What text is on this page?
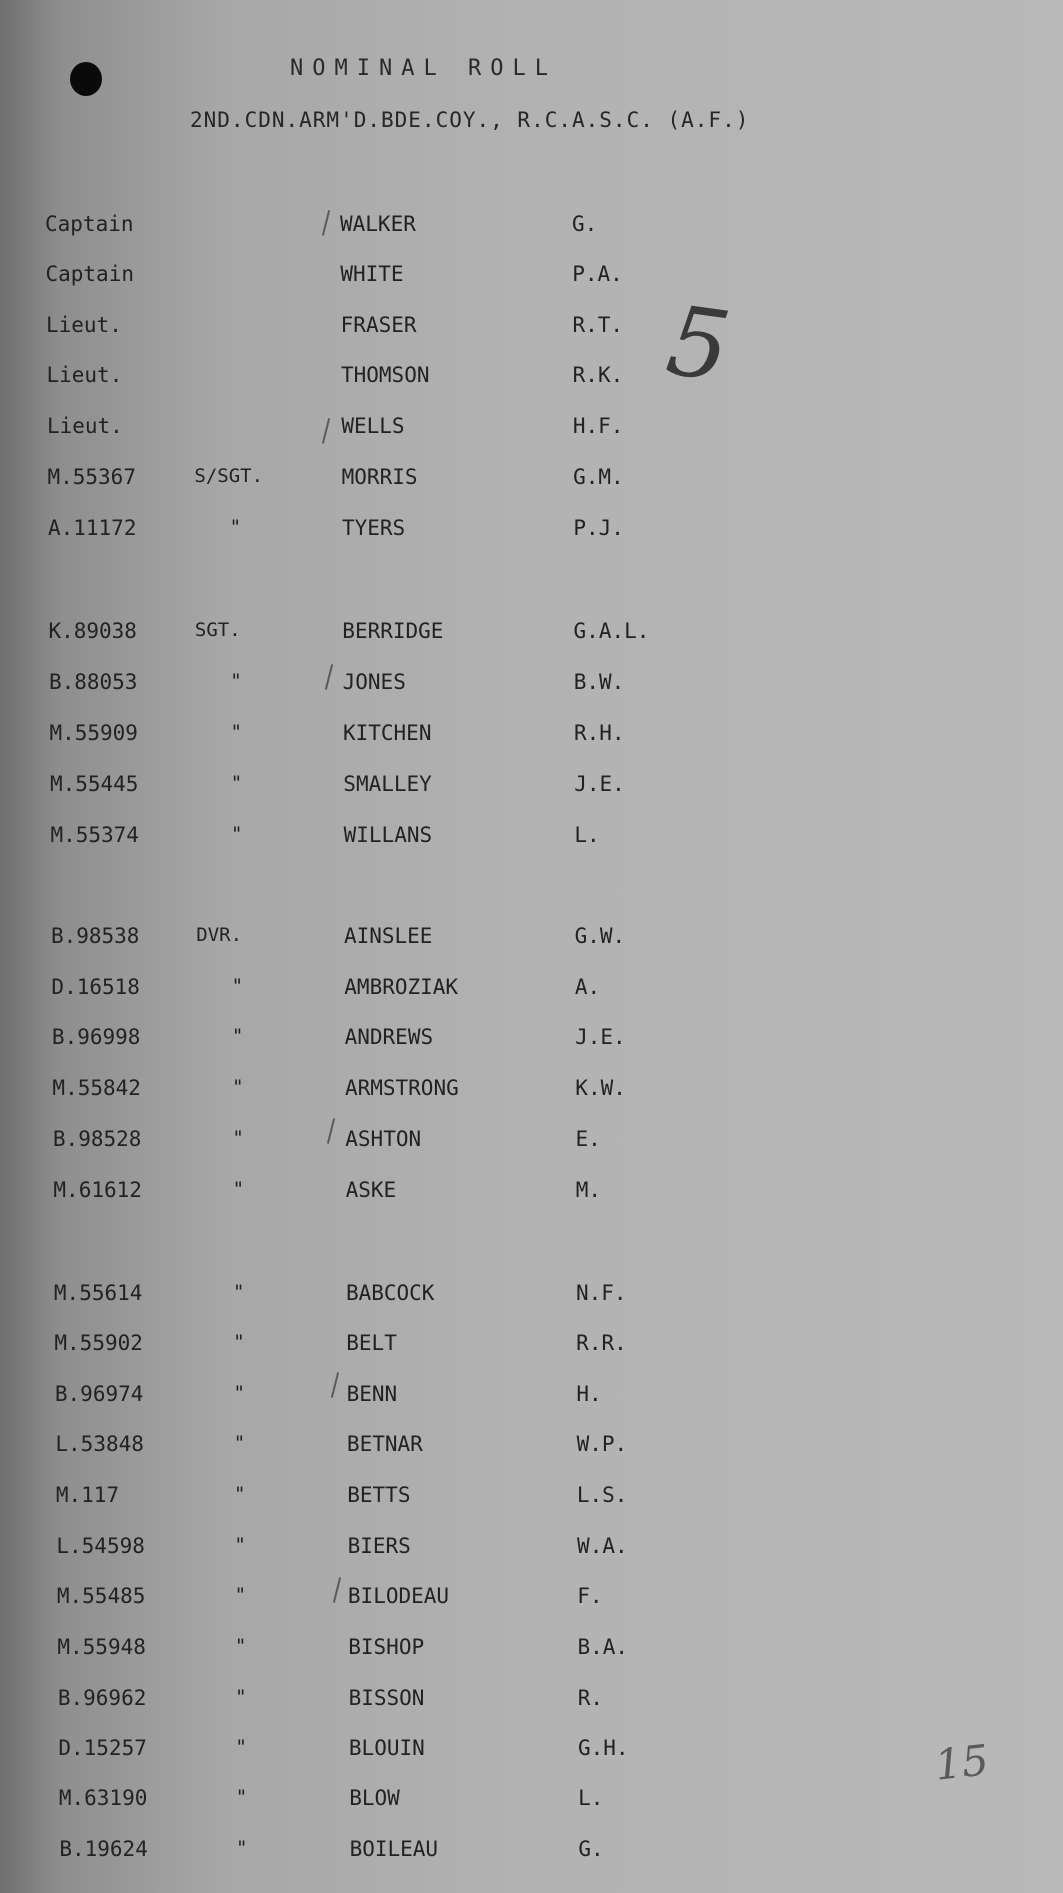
NOMINAL ROLL
2ND.CDN.ARM'D.BDE.COY., R.C.A.S.C. (A.F.)
Captain	WALKER	G.
Captain	WHITE	P.A.
Lieut.	FRASER	R.T.
Lieut.	THOMSON	R.K.
Lieut.	WELLS	H.F.
M.55367	S/SGT.	MORRIS	G.M.
A.11172	"	TYERS	P.J.
K.89038	SGT.	BERRIDGE	G.A.L.
B.88053	"	JONES	B.W.
M.55909	"	KITCHEN	R.H.
M.55445	"	SMALLEY	J.E.
M.55374	"	WILLANS	L.
B.98538	DVR.	AINSLEE	G.W.
D.16518	"	AMBROZIAK	A.
B.96998	"	ANDREWS	J.E.
M.55842	"	ARMSTRONG	K.W.
B.98528	"	ASHTON	E.
M.61612	"	ASKE	M.
M.55614	"	BABCOCK	N.F.
M.55902	"	BELT	R.R.
B.96974	"	BENN	H.
L.53848	"	BETNAR	W.P.
M.117	"	BETTS	L.S.
L.54598	"	BIERS	W.A.
M.55485	"	BILODEAU	F.
M.55948	"	BISHOP	B.A.
B.96962	"	BISSON	R.
D.15257	"	BLOUIN	G.H.
M.63190	"	BLOW	L.
B.19624	"	BOILEAU	G.
5
15
